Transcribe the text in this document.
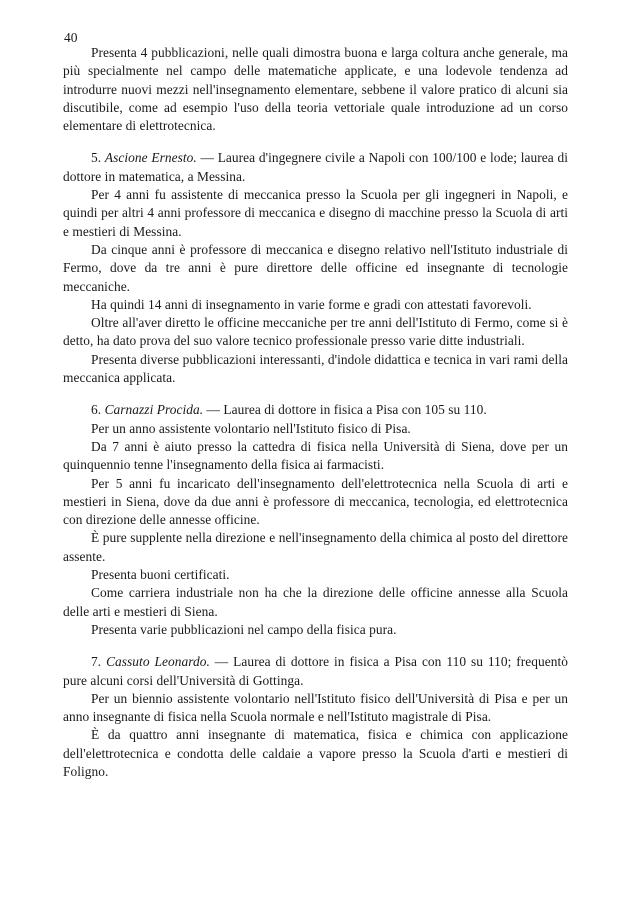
40

Presenta 4 pubblicazioni, nelle quali dimostra buona e larga coltura anche generale, ma più specialmente nel campo delle matematiche applicate, e una lodevole tendenza ad introdurre nuovi mezzi nell'insegnamento elementare, sebbene il valore pratico di alcuni sia discutibile, come ad esempio l'uso della teoria vettoriale quale introduzione ad un corso elementare di elettrotecnica.

5. Ascione Ernesto. — Laurea d'ingegnere civile a Napoli con 100/100 e lode; laurea di dottore in matematica, a Messina.

Per 4 anni fu assistente di meccanica presso la Scuola per gli ingegneri in Napoli, e quindi per altri 4 anni professore di meccanica e disegno di macchine presso la Scuola di arti e mestieri di Messina.

Da cinque anni è professore di meccanica e disegno relativo nell'Istituto industriale di Fermo, dove da tre anni è pure direttore delle officine ed insegnante di tecnologie meccaniche.

Ha quindi 14 anni di insegnamento in varie forme e gradi con attestati favorevoli.

Oltre all'aver diretto le officine meccaniche per tre anni dell'Istituto di Fermo, come si è detto, ha dato prova del suo valore tecnico professionale presso varie ditte industriali.

Presenta diverse pubblicazioni interessanti, d'indole didattica e tecnica in vari rami della meccanica applicata.

6. Carnazzi Procida. — Laurea di dottore in fisica a Pisa con 105 su 110.

Per un anno assistente volontario nell'Istituto fisico di Pisa.

Da 7 anni è aiuto presso la cattedra di fisica nella Università di Siena, dove per un quinquennio tenne l'insegnamento della fisica ai farmacisti.

Per 5 anni fu incaricato dell'insegnamento dell'elettrotecnica nella Scuola di arti e mestieri in Siena, dove da due anni è professore di meccanica, tecnologia, ed elettrotecnica con direzione delle annesse officine.

È pure supplente nella direzione e nell'insegnamento della chimica al posto del direttore assente.

Presenta buoni certificati.

Come carriera industriale non ha che la direzione delle officine annesse alla Scuola delle arti e mestieri di Siena.

Presenta varie pubblicazioni nel campo della fisica pura.

7. Cassuto Leonardo. — Laurea di dottore in fisica a Pisa con 110 su 110; frequentò pure alcuni corsi dell'Università di Gottinga.

Per un biennio assistente volontario nell'Istituto fisico dell'Università di Pisa e per un anno insegnante di fisica nella Scuola normale e nell'Istituto magistrale di Pisa.

È da quattro anni insegnante di matematica, fisica e chimica con applicazione dell'elettrotecnica e condotta delle caldaie a vapore presso la Scuola d'arti e mestieri di Foligno.
